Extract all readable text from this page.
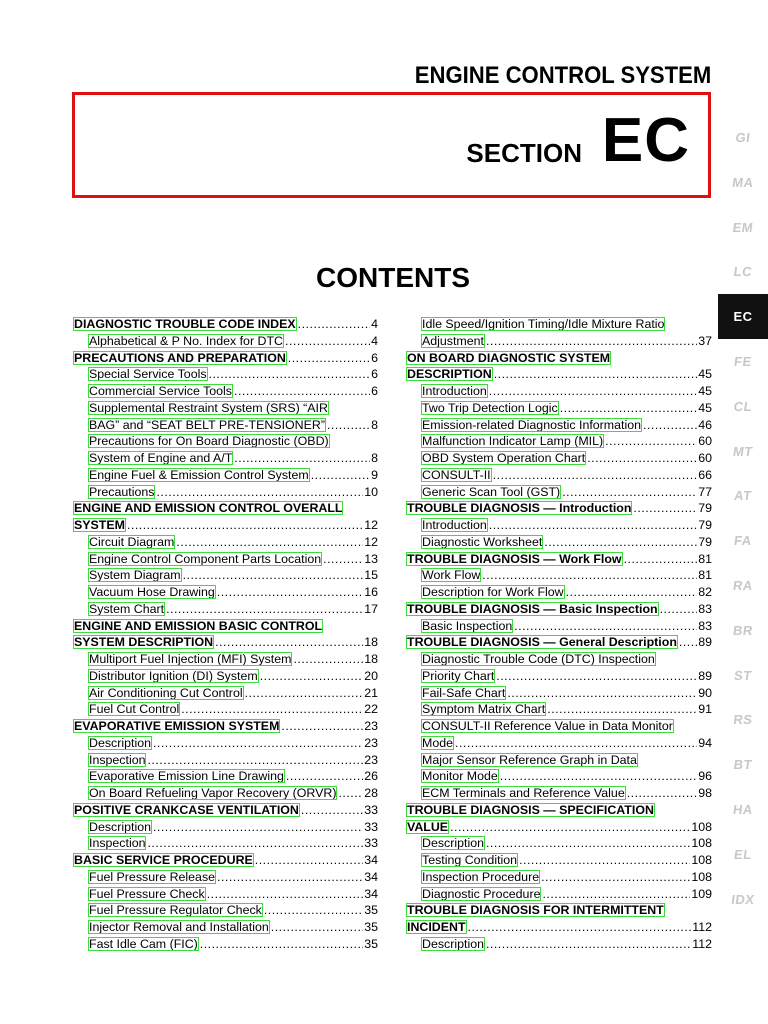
ENGINE CONTROL SYSTEM
SECTION EC
CONTENTS
DIAGNOSTIC TROUBLE CODE INDEX .....	4
Alphabetical & P No. Index for DTC .....	4
PRECAUTIONS AND PREPARATION .....	6
Special Service Tools .....	6
Commercial Service Tools .....	6
Supplemental Restraint System (SRS) “AIR
BAG” and “SEAT BELT PRE-TENSIONER” .....	8
Precautions for On Board Diagnostic (OBD)
System of Engine and A/T .....	8
Engine Fuel & Emission Control System .....	9
Precautions .....	10
ENGINE AND EMISSION CONTROL OVERALL
SYSTEM .....	12
Circuit Diagram .....	12
Engine Control Component Parts Location .....	13
System Diagram .....	15
Vacuum Hose Drawing .....	16
System Chart .....	17
ENGINE AND EMISSION BASIC CONTROL
SYSTEM DESCRIPTION .....	18
Multiport Fuel Injection (MFI) System .....	18
Distributor Ignition (DI) System .....	20
Air Conditioning Cut Control .....	21
Fuel Cut Control .....	22
EVAPORATIVE EMISSION SYSTEM .....	23
Description .....	23
Inspection .....	23
Evaporative Emission Line Drawing .....	26
On Board Refueling Vapor Recovery (ORVR) ..... 28
POSITIVE CRANKCASE VENTILATION .....	33
Description .....	33
Inspection .....	33
BASIC SERVICE PROCEDURE .....	34
Fuel Pressure Release .....	34
Fuel Pressure Check .....	34
Fuel Pressure Regulator Check .....	35
Injector Removal and Installation .....	35
Fast Idle Cam (FIC) .....	35
Idle Speed/Ignition Timing/Idle Mixture Ratio
Adjustment .....	37
ON BOARD DIAGNOSTIC SYSTEM
DESCRIPTION .....	45
Introduction .....	45
Two Trip Detection Logic .....	45
Emission-related Diagnostic Information .....	46
Malfunction Indicator Lamp (MIL) .....	60
OBD System Operation Chart .....	60
CONSULT-II .....	66
Generic Scan Tool (GST) .....	77
TROUBLE DIAGNOSIS — Introduction .....	79
Introduction .....	79
Diagnostic Worksheet .....	79
TROUBLE DIAGNOSIS — Work Flow .....	81
Work Flow .....	81
Description for Work Flow .....	82
TROUBLE DIAGNOSIS — Basic Inspection .....	83
Basic Inspection .....	83
TROUBLE DIAGNOSIS — General Description ..... 89
Diagnostic Trouble Code (DTC) Inspection
Priority Chart .....	89
Fail-Safe Chart .....	90
Symptom Matrix Chart .....	91
CONSULT-II Reference Value in Data Monitor
Mode .....	94
Major Sensor Reference Graph in Data
Monitor Mode .....	96
ECM Terminals and Reference Value .....	98
TROUBLE DIAGNOSIS — SPECIFICATION
VALUE .....	108
Description .....	108
Testing Condition .....	108
Inspection Procedure .....	108
Diagnostic Procedure .....	109
TROUBLE DIAGNOSIS FOR INTERMITTENT
INCIDENT .....	112
Description .....	112
GI
MA
EM
LC
EC
FE
CL
MT
AT
FA
RA
BR
ST
RS
BT
HA
EL
IDX
